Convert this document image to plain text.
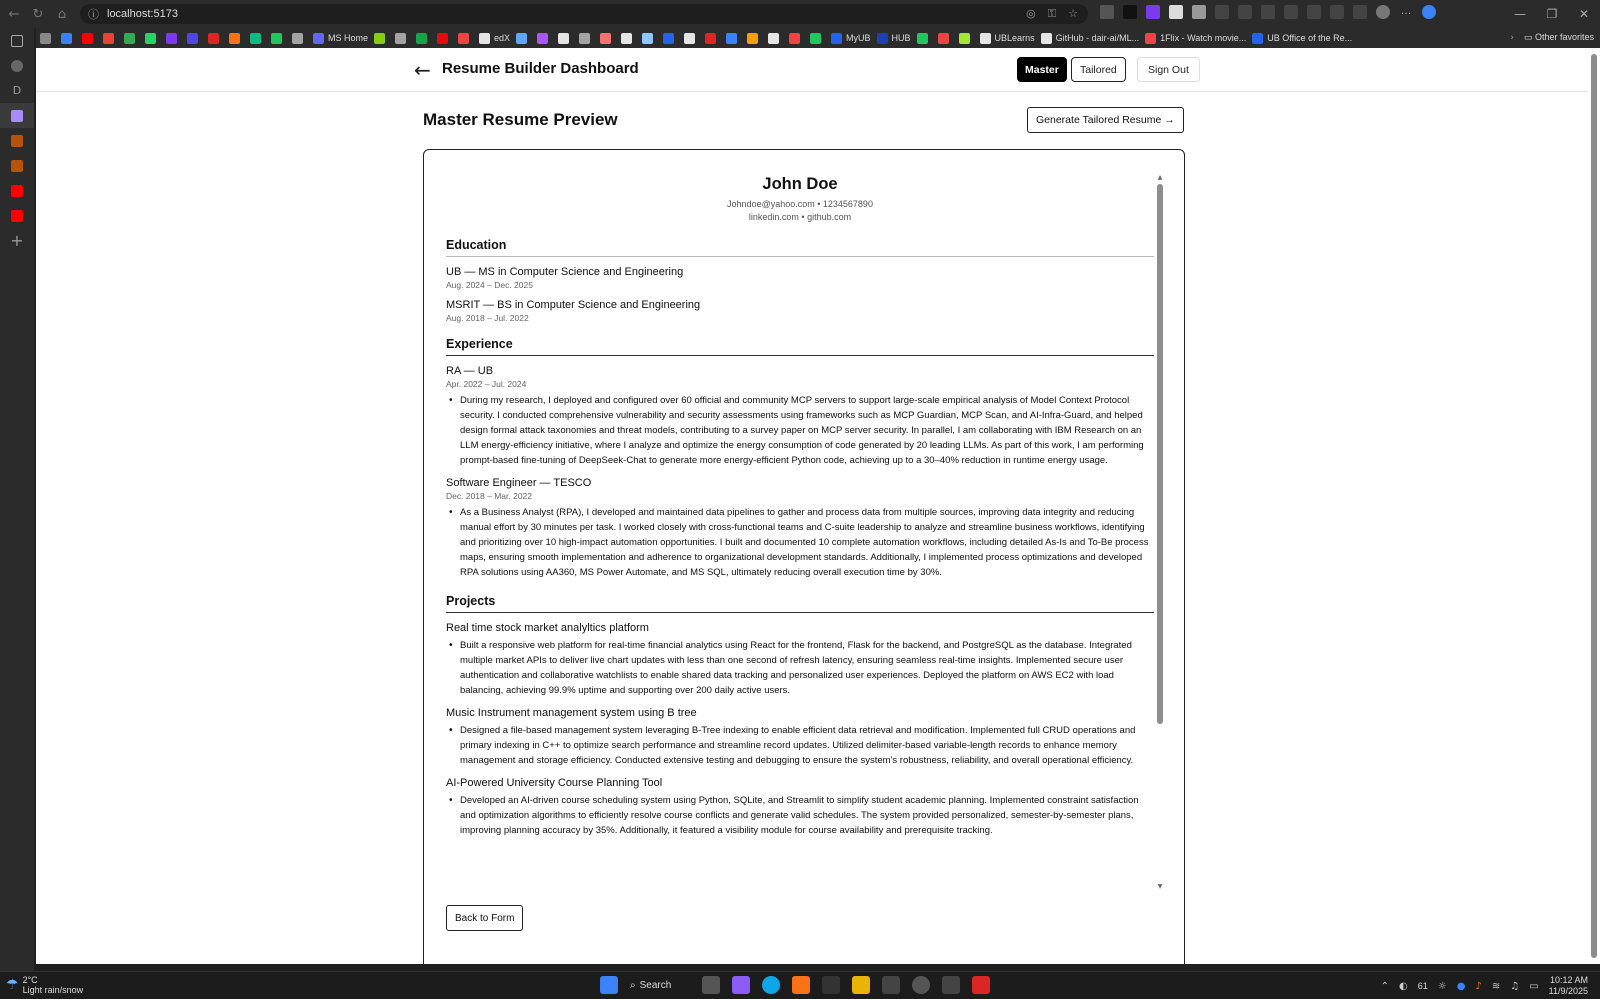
←	↻	⌂	ⓘ localhost:5173	◎ ⚿ ☆	…	—	❐	✕
MS Home	edX	MyUB HUB	UBLearns GitHub - dair-ai/ML... 1Flix - Watch movie... UB Office of the Re...	› ▭ Other favorites
D
+
← Resume Builder Dashboard	Master	Tailored	Sign Out
Master Resume Preview	Generate Tailored Resume →
John Doe
Johndoe@yahoo.com • 1234567890
linkedin.com • github.com
Education
UB — MS in Computer Science and Engineering
Aug. 2024 – Dec. 2025
MSRIT — BS in Computer Science and Engineering
Aug. 2018 – Jul. 2022
Experience
RA — UB
Apr. 2022 – Jul. 2024
• During my research, I deployed and configured over 60 official and community MCP servers to support large-scale empirical analysis of Model Context Protocol security. I conducted comprehensive vulnerability and security assessments using frameworks such as MCP Guardian, MCP Scan, and AI-Infra-Guard, and helped design formal attack taxonomies and threat models, contributing to a survey paper on MCP server security. In parallel, I am collaborating with IBM Research on an LLM energy-efficiency initiative, where I analyze and optimize the energy consumption of code generated by 20 leading LLMs. As part of this work, I am performing prompt-based fine-tuning of DeepSeek-Chat to generate more energy-efficient Python code, achieving up to a 30–40% reduction in runtime energy usage.
Software Engineer — TESCO
Dec. 2018 – Mar. 2022
• As a Business Analyst (RPA), I developed and maintained data pipelines to gather and process data from multiple sources, improving data integrity and reducing manual effort by 30 minutes per task. I worked closely with cross-functional teams and C-suite leadership to analyze and streamline business workflows, identifying and prioritizing over 10 high-impact automation opportunities. I built and documented 10 complete automation workflows, including detailed As-Is and To-Be process maps, ensuring smooth implementation and adherence to organizational development standards. Additionally, I implemented process optimizations and developed RPA solutions using AA360, MS Power Automate, and MS SQL, ultimately reducing overall execution time by 30%.
Projects
Real time stock market analyltics platform
• Built a responsive web platform for real-time financial analytics using React for the frontend, Flask for the backend, and PostgreSQL as the database. Integrated multiple market APIs to deliver live chart updates with less than one second of refresh latency, ensuring seamless real-time insights. Implemented secure user authentication and collaborative watchlists to enable shared data tracking and personalized user experiences. Deployed the platform on AWS EC2 with load balancing, achieving 99.9% uptime and supporting over 200 daily active users.
Music Instrument management system using B tree
• Designed a file-based management system leveraging B-Tree indexing to enable efficient data retrieval and modification. Implemented full CRUD operations and primary indexing in C++ to optimize search performance and streamline record updates. Utilized delimiter-based variable-length records to enhance memory management and storage efficiency. Conducted extensive testing and debugging to ensure the system's robustness, reliability, and overall operational efficiency.
AI-Powered University Course Planning Tool
• Developed an AI-driven course scheduling system using Python, SQLite, and Streamlit to simplify student academic planning. Implemented constraint satisfaction and optimization algorithms to efficiently resolve course conflicts and generate valid schedules. The system provided personalized, semester-by-semester plans, improving planning accuracy by 35%. Additionally, it featured a visibility module for course availability and prerequisite tracking.
▲
▼
Back to Form
☂ 2°C
Light rain/snow	⌕ Search	⌃ ◐ 61 ☼ ● ♪ ≋ ♫ ▭
10:12 AM
11/9/2025
